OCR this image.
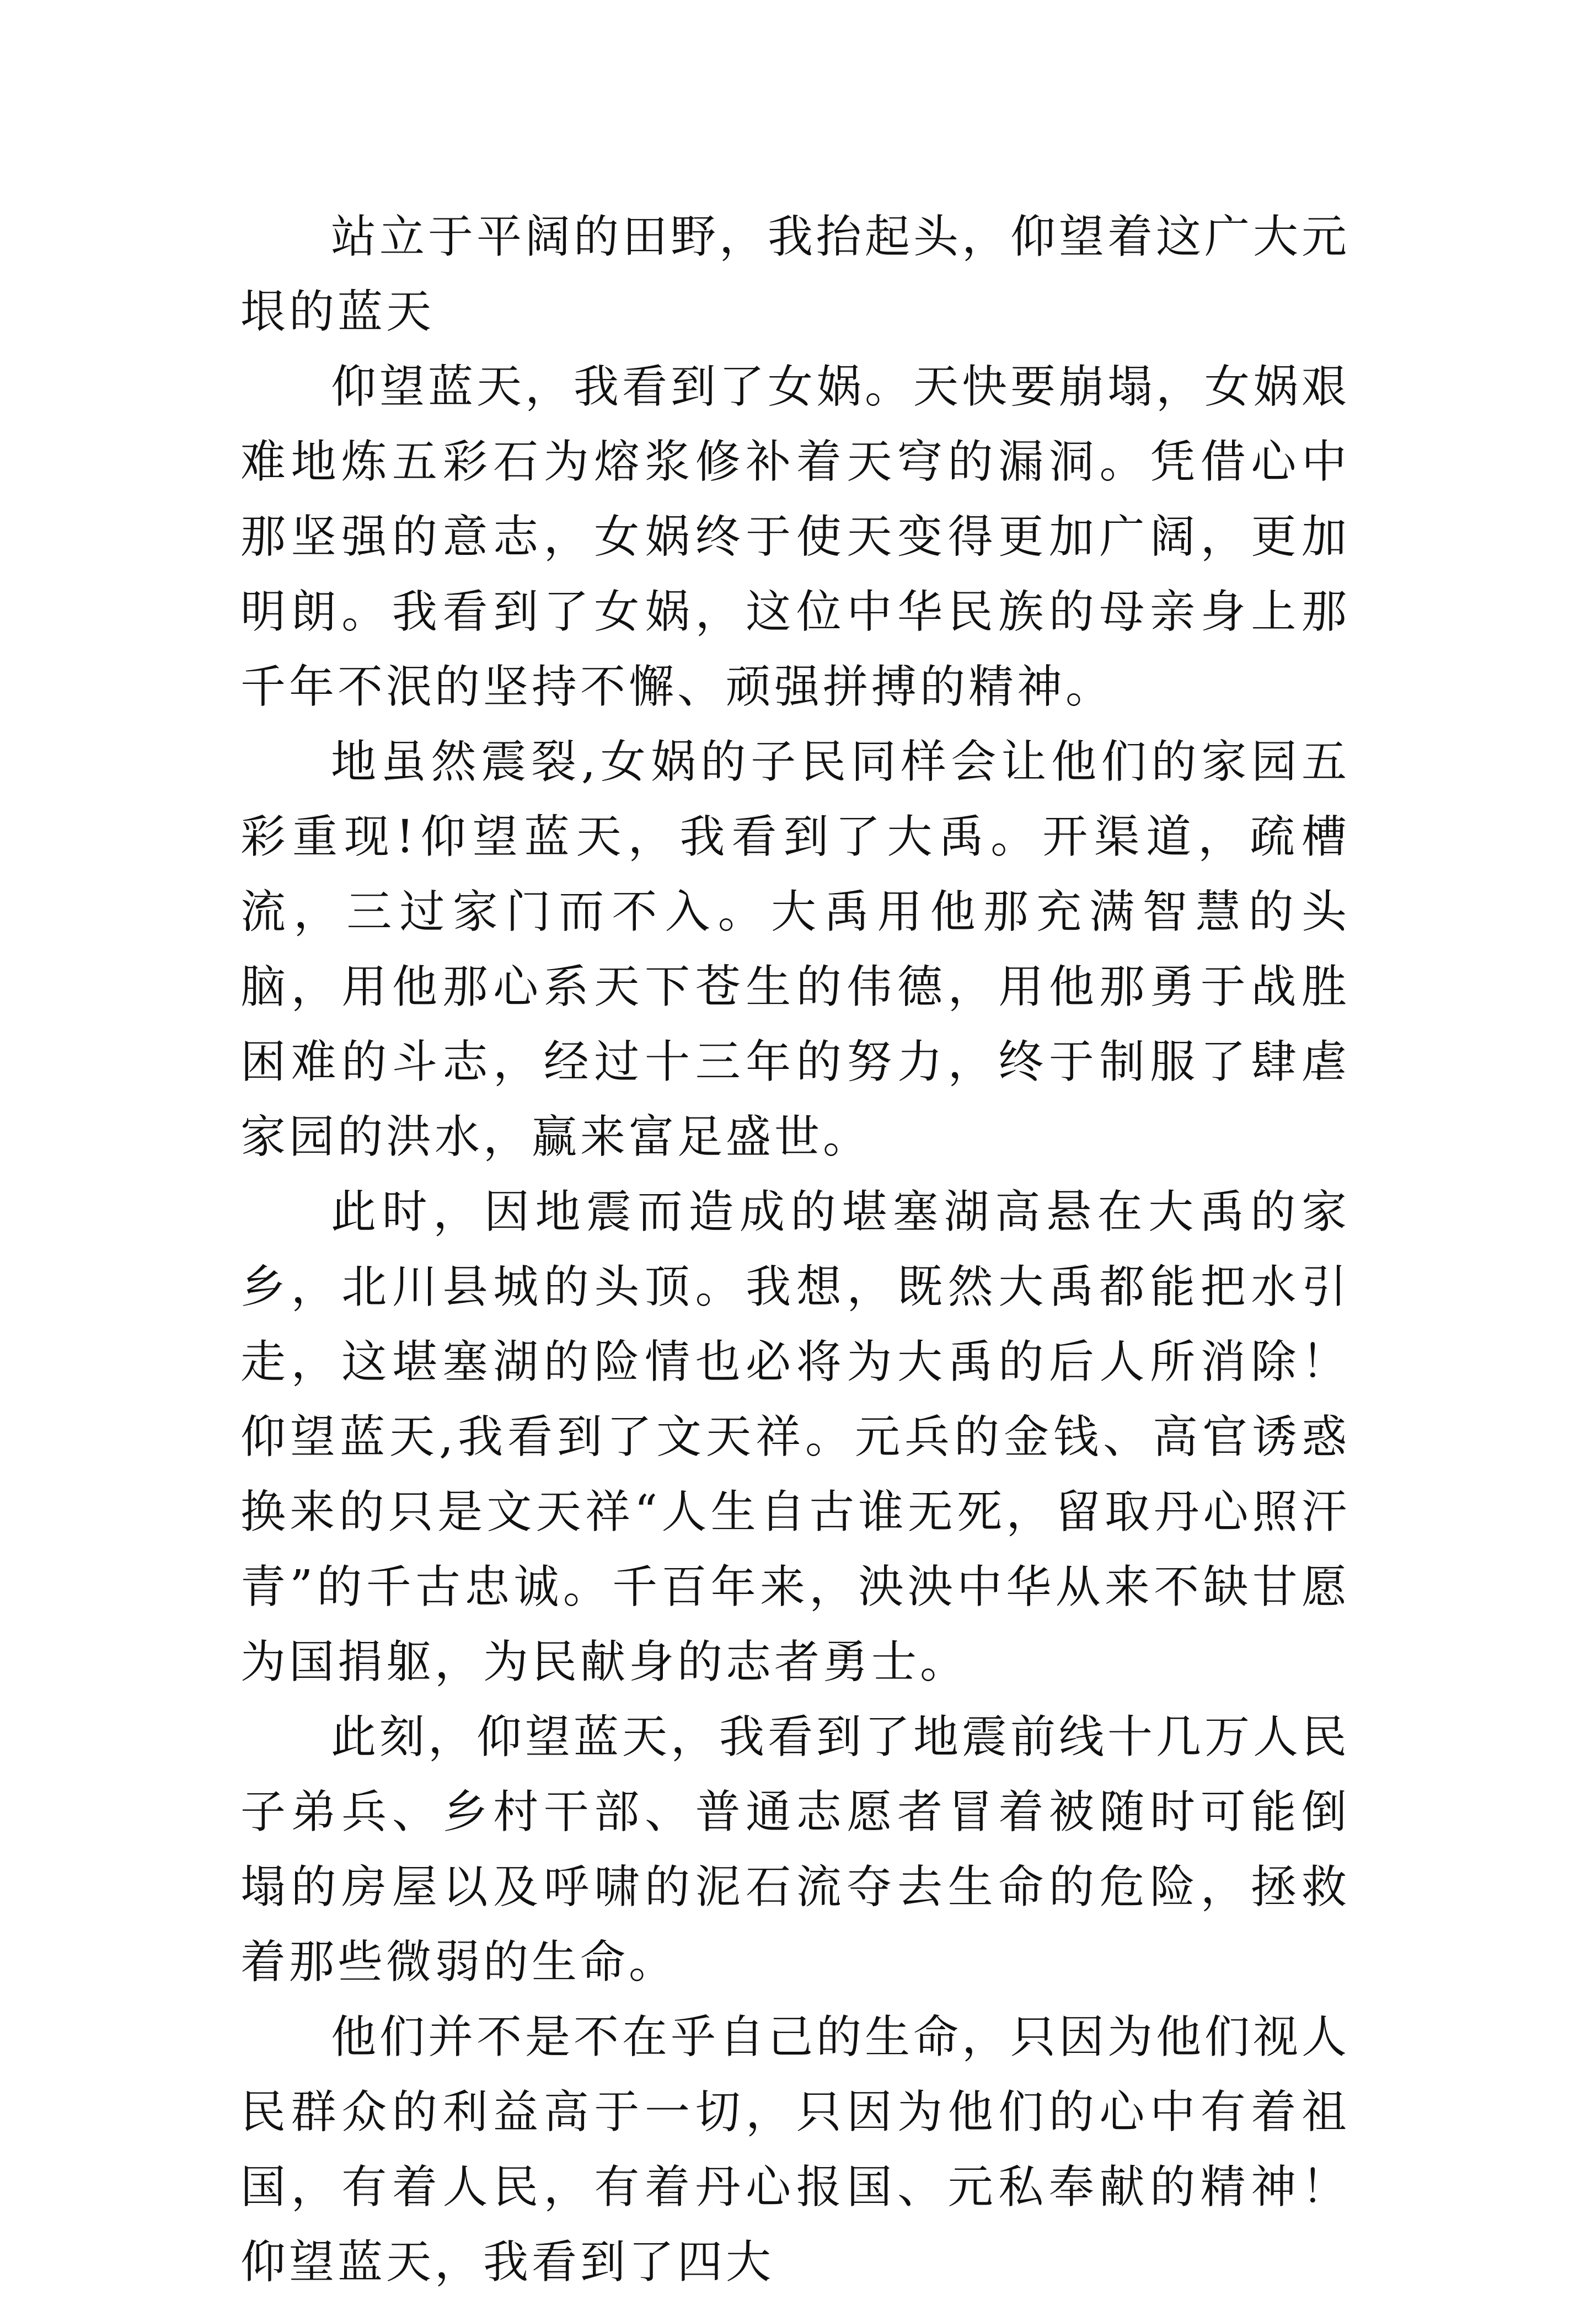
站立于平阔的田野，我抬起头，仰望着这广大元垠的蓝天

仰望蓝天，我看到了女娲。天快要崩塌，女娲艰难地炼五彩石为熔浆修补着天穹的漏洞。凭借心中那坚强的意志，女娲终于使天变得更加广阔，更加明朗。我看到了女娲，这位中华民族的母亲身上那千年不泯的坚持不懈、顽强拼搏的精神。

地虽然震裂,女娲的子民同样会让他们的家园五彩重现!仰望蓝天，我看到了大禹。开渠道，疏槽流，三过家门而不入。大禹用他那充满智慧的头脑，用他那心系天下苍生的伟德，用他那勇于战胜困难的斗志，经过十三年的努力，终于制服了肆虐家园的洪水，赢来富足盛世。

此时，因地震而造成的堪塞湖高悬在大禹的家乡，北川县城的头顶。我想，既然大禹都能把水引走，这堪塞湖的险情也必将为大禹的后人所消除！仰望蓝天,我看到了文天祥。元兵的金钱、高官诱惑换来的只是文天祥“人生自古谁无死，留取丹心照汗青”的千古忠诚。千百年来，泱泱中华从来不缺甘愿为国捐躯，为民献身的志者勇士。

此刻，仰望蓝天，我看到了地震前线十几万人民子弟兵、乡村干部、普通志愿者冒着被随时可能倒塌的房屋以及呼啸的泥石流夺去生命的危险，拯救着那些微弱的生命。

他们并不是不在乎自己的生命，只因为他们视人民群众的利益高于一切，只因为他们的心中有着祖国，有着人民，有着丹心报国、元私奉献的精神！仰望蓝天，我看到了四大
